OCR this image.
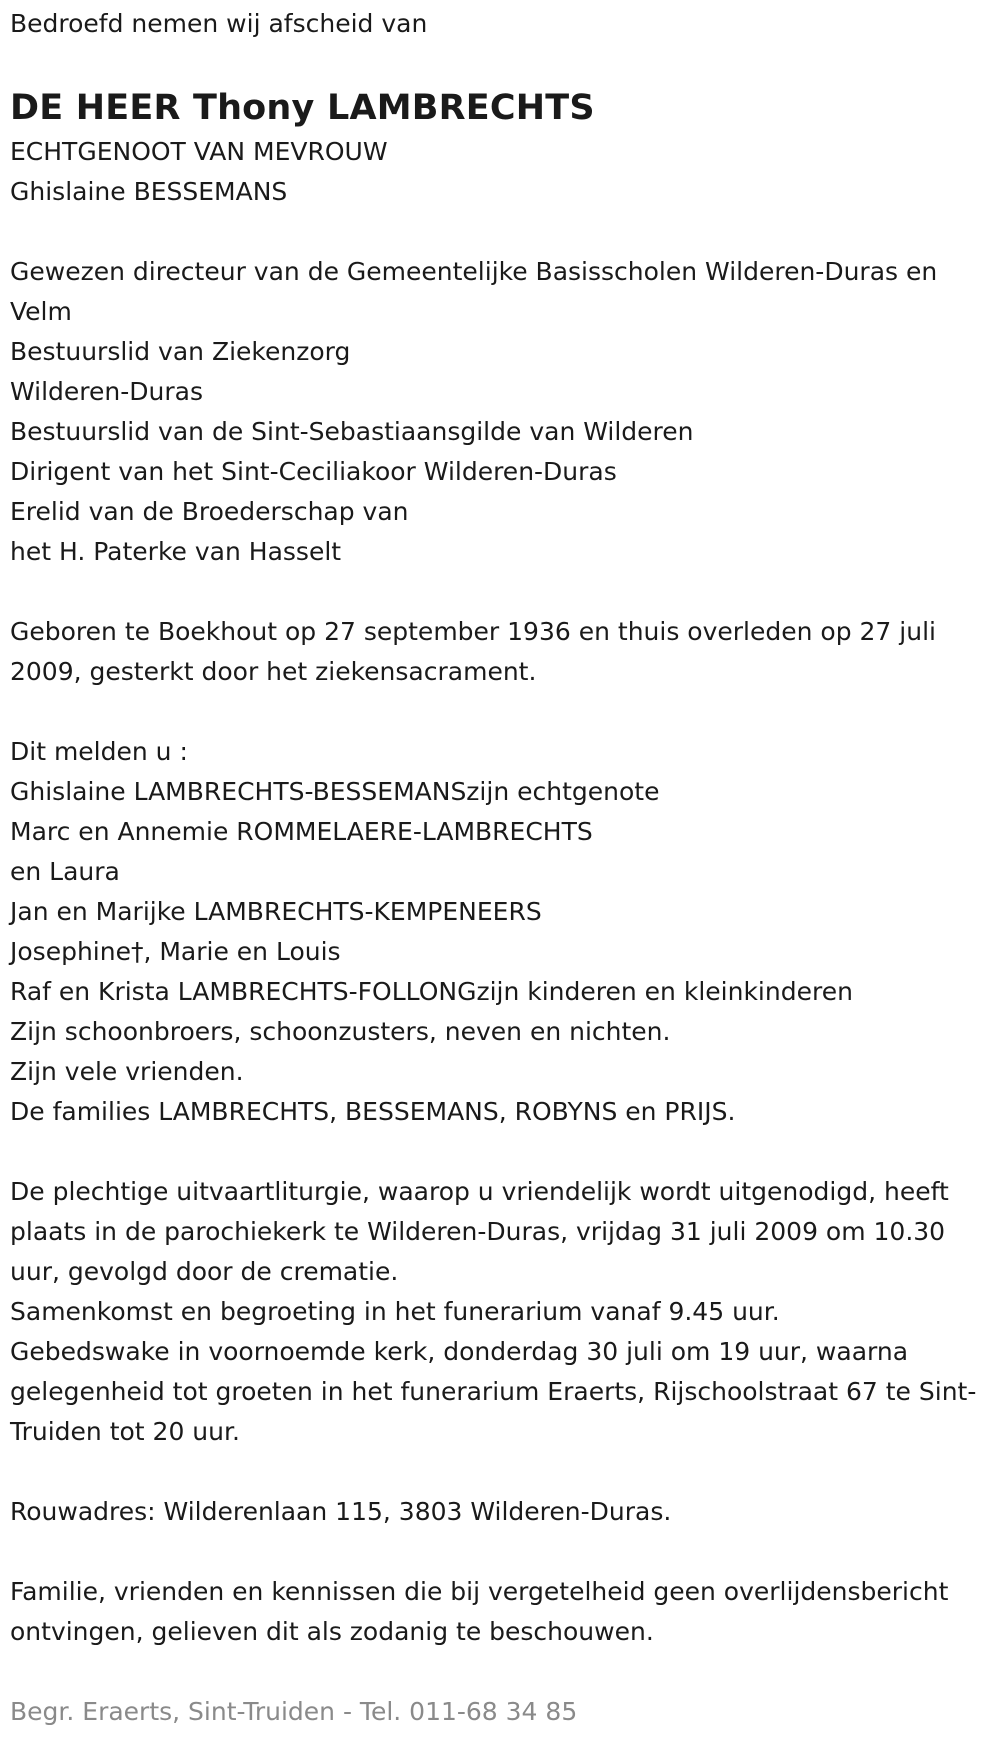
Bedroefd nemen wij afscheid van

DE HEER Thony LAMBRECHTS

ECHTGENOOT VAN MEVROUW

Ghislaine BESSEMANS

Gewezen directeur van de Gemeentelijke Basisscholen Wilderen-Duras en Velm

Bestuurslid van Ziekenzorg

Wilderen-Duras

Bestuurslid van de Sint-Sebastiaansgilde van Wilderen

Dirigent van het Sint-Ceciliakoor Wilderen-Duras

Erelid van de Broederschap van

het H. Paterke van Hasselt

Geboren te Boekhout op 27 september 1936 en thuis overleden op 27 juli 2009, gesterkt door het ziekensacrament.

Dit melden u :

Ghislaine LAMBRECHTS-BESSEMANSzijn echtgenote

Marc en Annemie ROMMELAERE-LAMBRECHTS

en Laura

Jan en Marijke LAMBRECHTS-KEMPENEERS

Josephine†, Marie en Louis

Raf en Krista LAMBRECHTS-FOLLONGzijn kinderen en kleinkinderen

Zijn schoonbroers, schoonzusters, neven en nichten.

Zijn vele vrienden.

De families LAMBRECHTS, BESSEMANS, ROBYNS en PRIJS.

De plechtige uitvaartliturgie, waarop u vriendelijk wordt uitgenodigd, heeft plaats in de parochiekerk te Wilderen-Duras, vrijdag 31 juli 2009 om 10.30 uur, gevolgd door de crematie.

Samenkomst en begroeting in het funerarium vanaf 9.45 uur.

Gebedswake in voornoemde kerk, donderdag 30 juli om 19 uur, waarna gelegenheid tot groeten in het funerarium Eraerts, Rijschoolstraat 67 te Sint-Truiden tot 20 uur.

Rouwadres: Wilderenlaan 115, 3803 Wilderen-Duras.

Familie, vrienden en kennissen die bij vergetelheid geen overlijdensbericht ontvingen, gelieven dit als zodanig te beschouwen.

Begr. Eraerts, Sint-Truiden - Tel. 011-68 34 85
